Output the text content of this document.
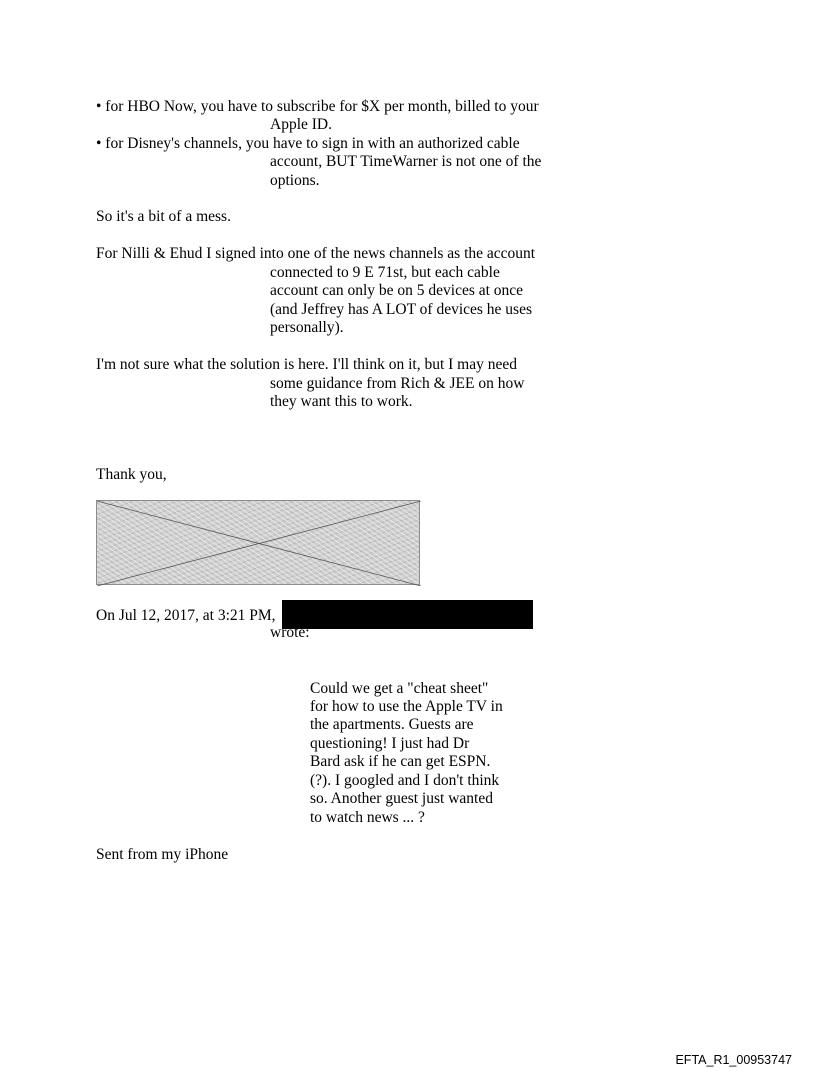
• for HBO Now, you have to subscribe for $X per month, billed to your
Apple ID.
• for Disney's channels, you have to sign in with an authorized cable
account, BUT TimeWarner is not one of the
options.
So it's a bit of a mess.
For Nilli & Ehud I signed into one of the news channels as the account
connected to 9 E 71st, but each cable
account can only be on 5 devices at once
(and Jeffrey has A LOT of devices he uses
personally).
I'm not sure what the solution is here. I'll think on it, but I may need
some guidance from Rich & JEE on how
they want this to work.
Thank you,
On Jul 12, 2017, at 3:21 PM,
wrote:
Could we get a "cheat sheet"
for how to use the Apple TV in
the apartments. Guests are
questioning! I just had Dr
Bard ask if he can get ESPN.
(?). I googled and I don't think
so. Another guest just wanted
to watch news ... ?
Sent from my iPhone
EFTA_R1_00953747
